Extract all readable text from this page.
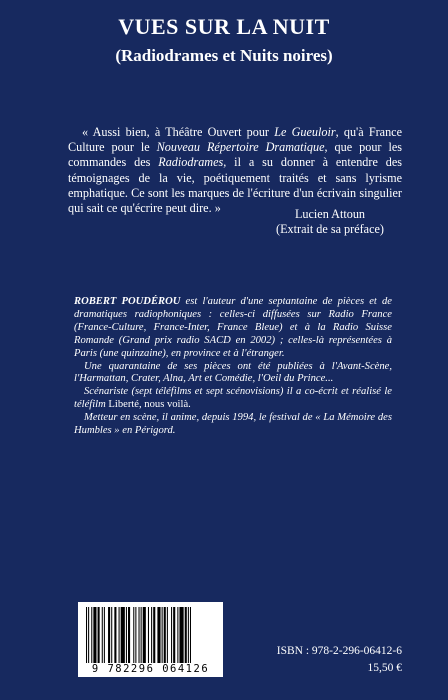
VUES SUR LA NUIT
(Radiodrames et Nuits noires)
« Aussi bien, à Théâtre Ouvert pour Le Gueuloir, qu'à France Culture pour le Nouveau Répertoire Dramatique, que pour les commandes des Radiodrames, il a su donner à entendre des témoignages de la vie, poétiquement traités et sans lyrisme emphatique. Ce sont les marques de l'écriture d'un écrivain singulier qui sait ce qu'écrire peut dire. »	Lucien Attoun
(Extrait de sa préface)

ROBERT POUDÉROU est l'auteur d'une septantaine de pièces et de dramatiques radiophoniques : celles-ci diffusées sur Radio France (France-Culture, France-Inter, France Bleue) et à la Radio Suisse Romande (Grand prix radio SACD en 2002) ; celles-là représentées à Paris (une quinzaine), en province et à l'étranger.

Une quarantaine de ses pièces ont été publiées à l'Avant-Scène, l'Harmattan, Crater, Alna, Art et Comédie, l'Oeil du Prince...

Scénariste (sept téléfilms et sept scénovisions) il a co-écrit et réalisé le téléfilm Liberté, nous voilà.

Metteur en scène, il anime, depuis 1994, le festival de « La Mémoire des Humbles » en Périgord.

9 782296 064126
ISBN : 978-2-296-06412-6
15,50 €
